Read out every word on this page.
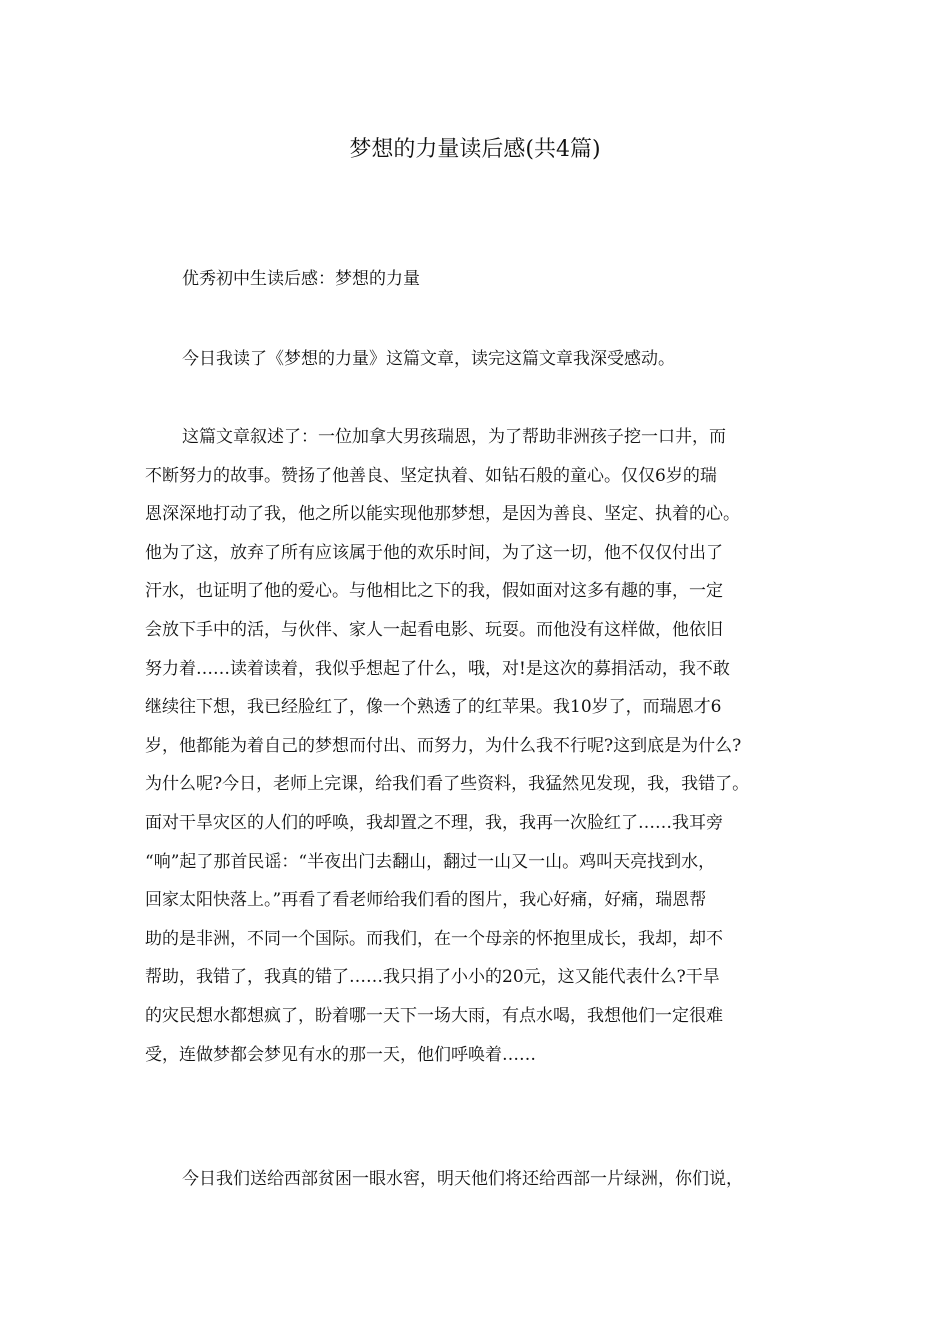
梦想的力量读后感(共4篇)

优秀初中生读后感：梦想的力量

今日我读了《梦想的力量》这篇文章，读完这篇文章我深受感动。

这篇文章叙述了：一位加拿大男孩瑞恩，为了帮助非洲孩子挖一口井，而
不断努力的故事。赞扬了他善良、坚定执着、如钻石般的童心。仅仅6岁的瑞
恩深深地打动了我，他之所以能实现他那梦想，是因为善良、坚定、执着的心。
他为了这，放弃了所有应该属于他的欢乐时间，为了这一切，他不仅仅付出了
汗水，也证明了他的爱心。与他相比之下的我，假如面对这多有趣的事，一定
会放下手中的活，与伙伴、家人一起看电影、玩耍。而他没有这样做，他依旧
努力着……读着读着，我似乎想起了什么，哦，对!是这次的募捐活动，我不敢
继续往下想，我已经脸红了，像一个熟透了的红苹果。我10岁了，而瑞恩才6
岁，他都能为着自己的梦想而付出、而努力，为什么我不行呢?这到底是为什么?
为什么呢?今日，老师上完课，给我们看了些资料，我猛然见发现，我，我错了。
面对干旱灾区的人们的呼唤，我却置之不理，我，我再一次脸红了……我耳旁
“响”起了那首民谣：“半夜出门去翻山，翻过一山又一山。鸡叫天亮找到水，
回家太阳快落上。”再看了看老师给我们看的图片，我心好痛，好痛，瑞恩帮
助的是非洲，不同一个国际。而我们，在一个母亲的怀抱里成长，我却，却不
帮助，我错了，我真的错了……我只捐了小小的20元，这又能代表什么?干旱
的灾民想水都想疯了，盼着哪一天下一场大雨，有点水喝，我想他们一定很难
受，连做梦都会梦见有水的那一天，他们呼唤着……

今日我们送给西部贫困一眼水窖，明天他们将还给西部一片绿洲，你们说，
